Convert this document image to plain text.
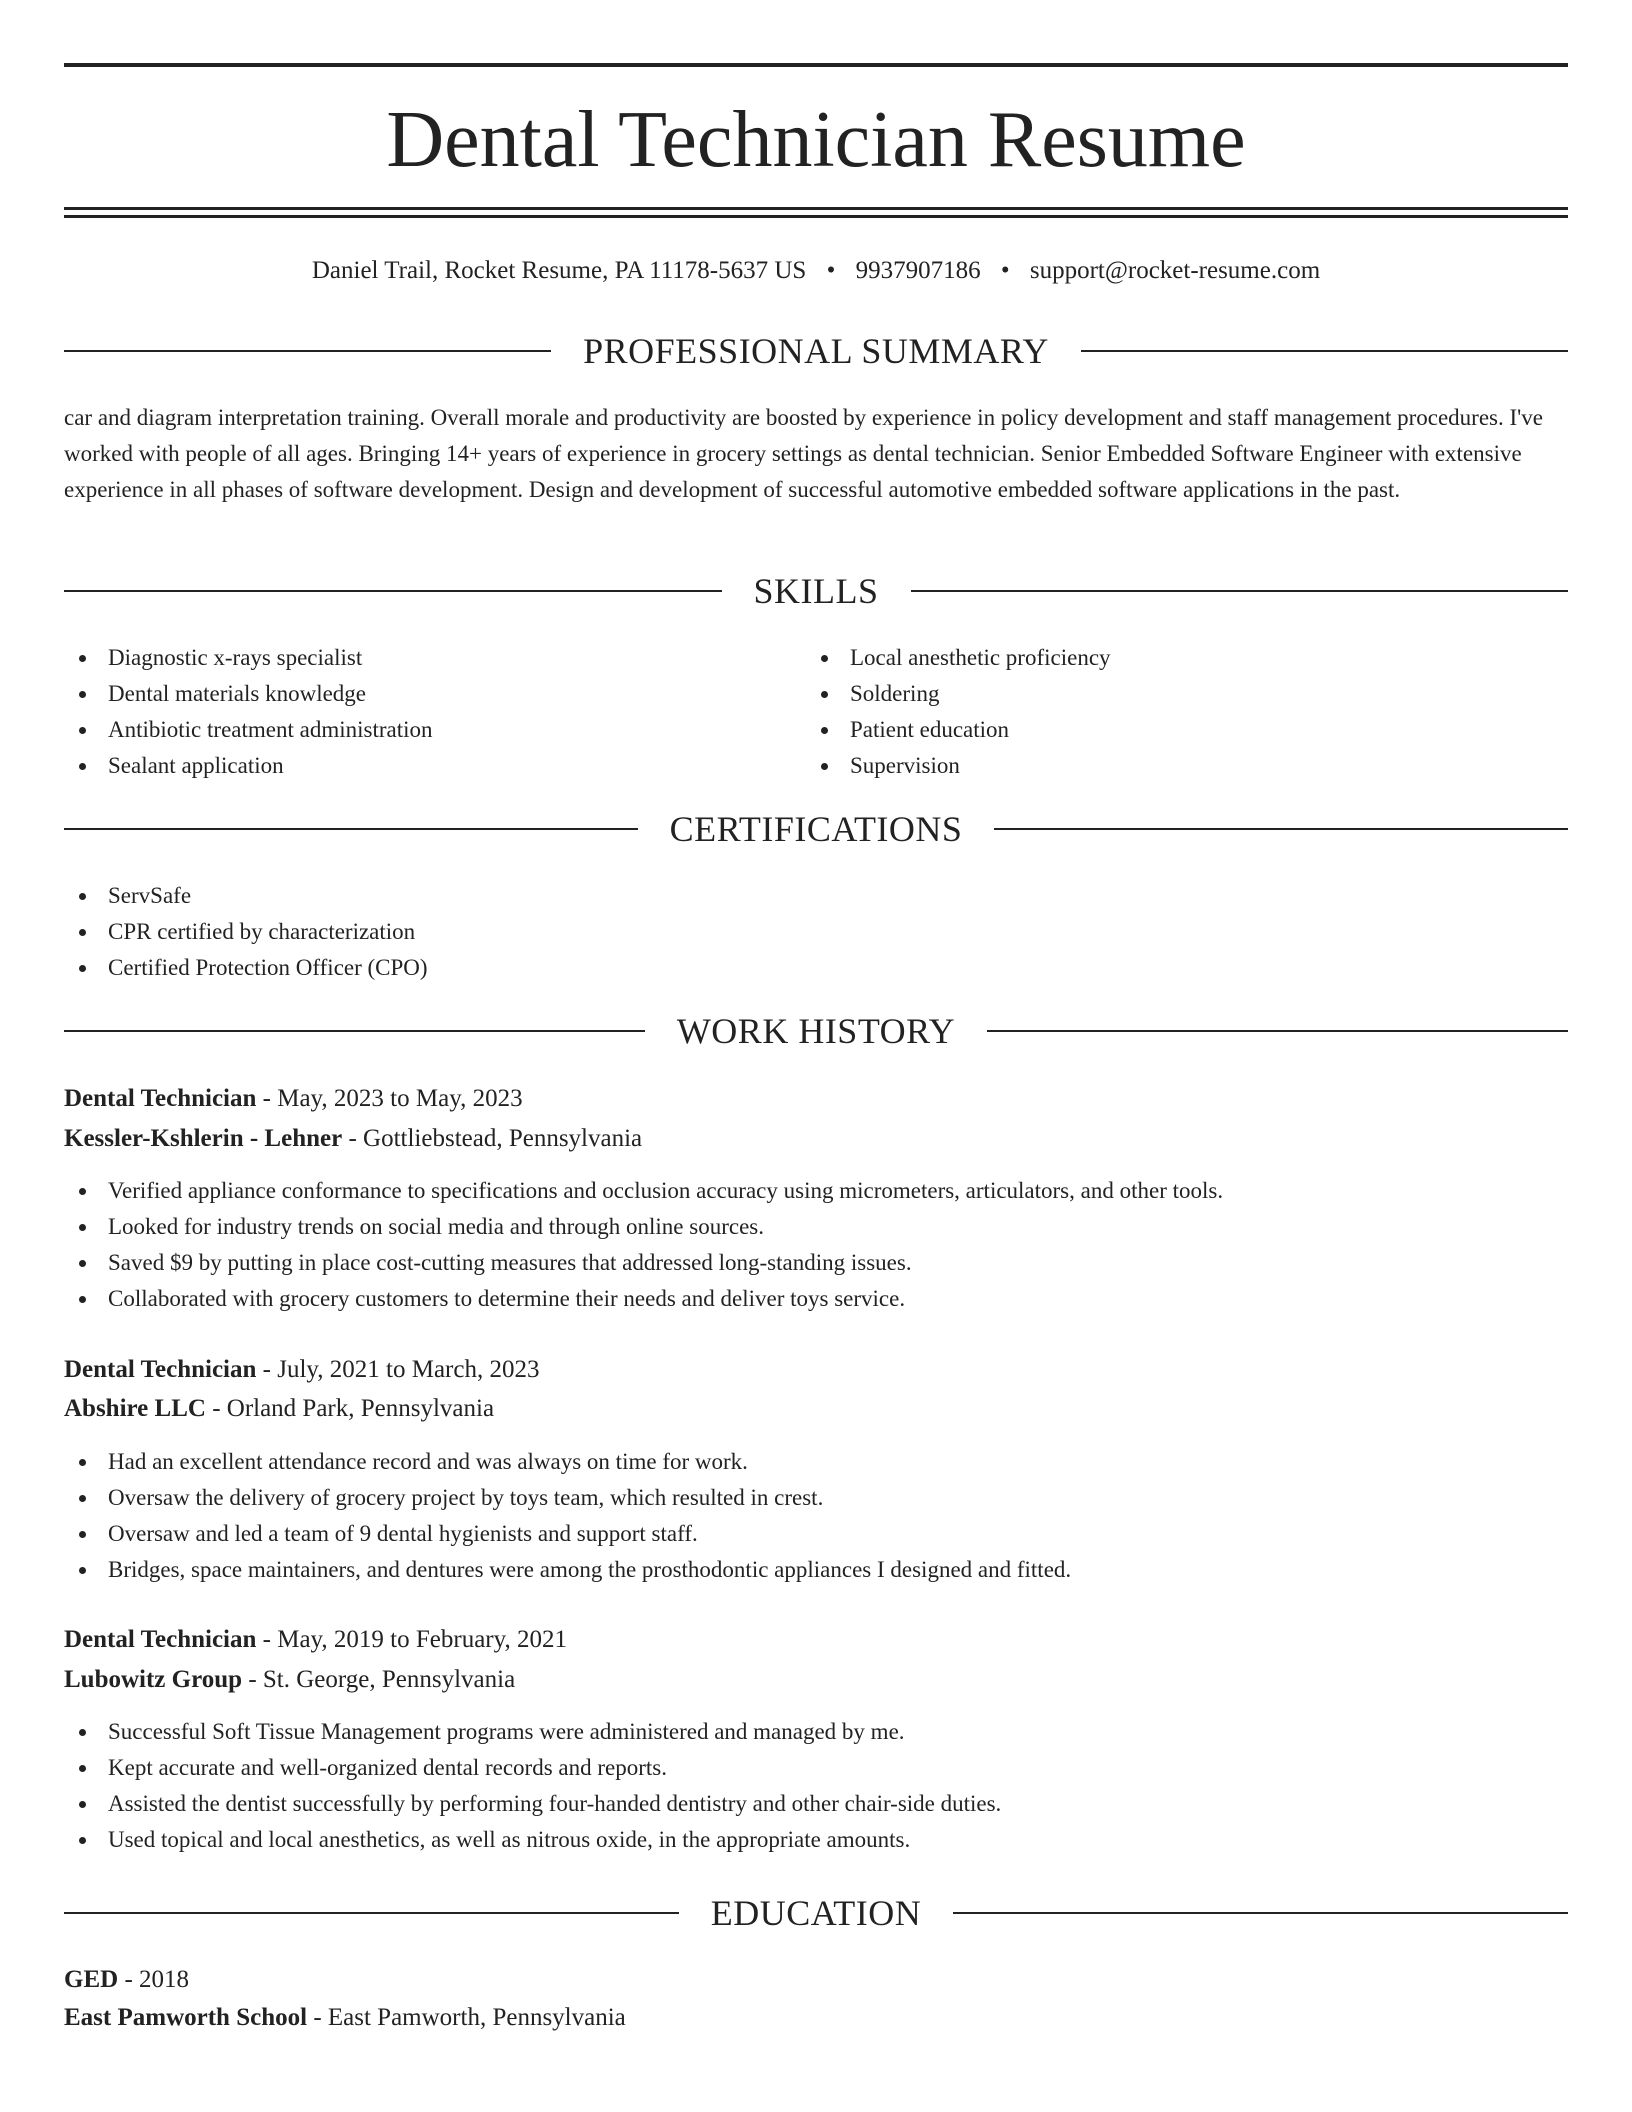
Dental Technician Resume
Daniel Trail, Rocket Resume, PA 11178-5637 US • 9937907186 • support@rocket-resume.com
PROFESSIONAL SUMMARY

car and diagram interpretation training. Overall morale and productivity are boosted by experience in policy development and staff management procedures. I've worked with people of all ages. Bringing 14+ years of experience in grocery settings as dental technician. Senior Embedded Software Engineer with extensive experience in all phases of software development. Design and development of successful automotive embedded software applications in the past.

SKILLS
Diagnostic x-rays specialist
Dental materials knowledge
Antibiotic treatment administration
Sealant application
Local anesthetic proficiency
Soldering
Patient education
Supervision
CERTIFICATIONS
ServSafe
CPR certified by characterization
Certified Protection Officer (CPO)
WORK HISTORY
Dental Technician - May, 2023 to May, 2023
Kessler-Kshlerin - Lehner - Gottliebstead, Pennsylvania
Verified appliance conformance to specifications and occlusion accuracy using micrometers, articulators, and other tools.
Looked for industry trends on social media and through online sources.
Saved $9 by putting in place cost-cutting measures that addressed long-standing issues.
Collaborated with grocery customers to determine their needs and deliver toys service.
Dental Technician - July, 2021 to March, 2023
Abshire LLC - Orland Park, Pennsylvania
Had an excellent attendance record and was always on time for work.
Oversaw the delivery of grocery project by toys team, which resulted in crest.
Oversaw and led a team of 9 dental hygienists and support staff.
Bridges, space maintainers, and dentures were among the prosthodontic appliances I designed and fitted.
Dental Technician - May, 2019 to February, 2021
Lubowitz Group - St. George, Pennsylvania
Successful Soft Tissue Management programs were administered and managed by me.
Kept accurate and well-organized dental records and reports.
Assisted the dentist successfully by performing four-handed dentistry and other chair-side duties.
Used topical and local anesthetics, as well as nitrous oxide, in the appropriate amounts.
EDUCATION
GED - 2018
East Pamworth School - East Pamworth, Pennsylvania
